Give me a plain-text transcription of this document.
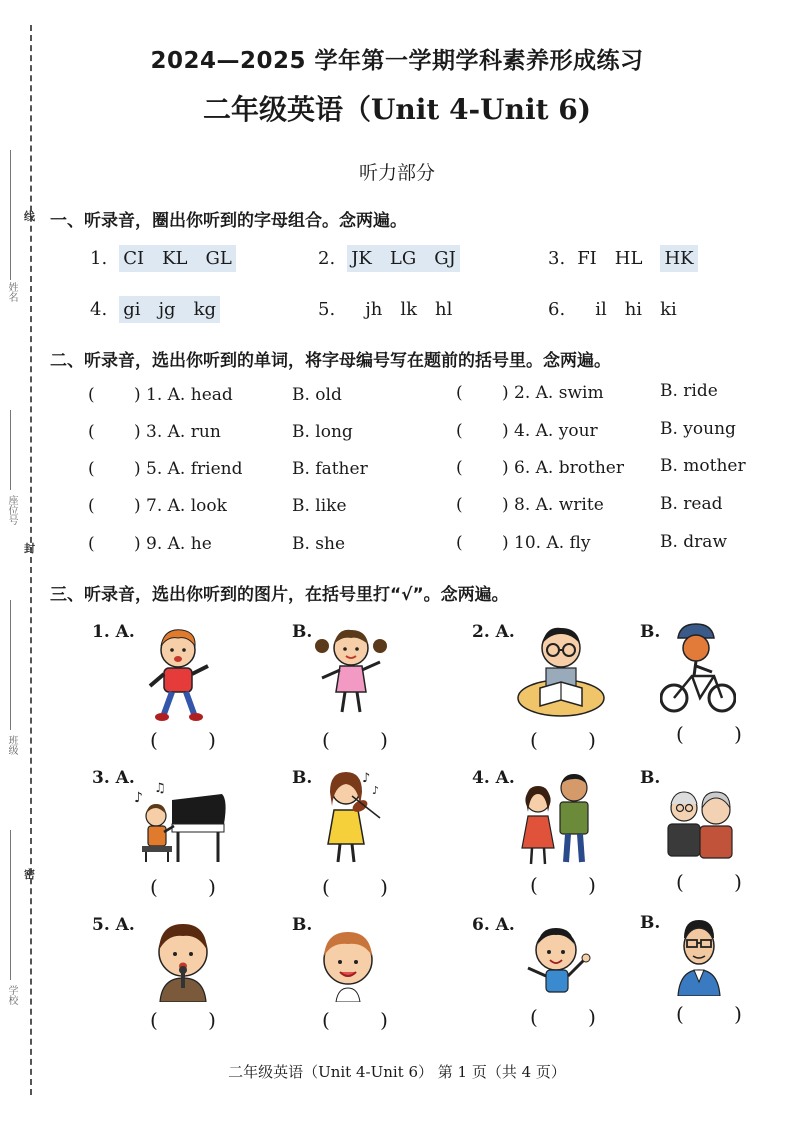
姓名
座位号
班级
学校
线
封
密
2024—2025 学年第一学期学科素养形成练习
二年级英语（Unit 4-Unit 6)
听力部分
一、听录音，圈出你听到的字母组合。念两遍。
1. CI KL GL	2. JK LG GJ	3. FI HL HK
4. gi jg kg	5. jh lk hl	6. il hi ki
二、听录音，选出你听到的单词，将字母编号写在题前的括号里。念两遍。
( ) 1. A. head	B. old	( ) 2. A. swim	B. ride
( ) 3. A. run	B. long	( ) 4. A. your	B. young
( ) 5. A. friend	B. father	( ) 6. A. brother B. mother
( ) 7. A. look	B. like	( ) 8. A. write	B. read
( ) 9. A. he	B. she	( ) 10. A. fly	B. draw
三、听录音，选出你听到的图片，在括号里打“√”。念两遍。
1. A.	B.	2. A.	B.
( )	( )	( )	( )
3. A.	B.	4. A.	B.
♪
♫
♪
♪
( )	( )	( )	( )
5. A.	B.	6. A.	B.
( )	( )	( )	( )
二年级英语（Unit 4-Unit 6） 第 1 页（共 4 页）
